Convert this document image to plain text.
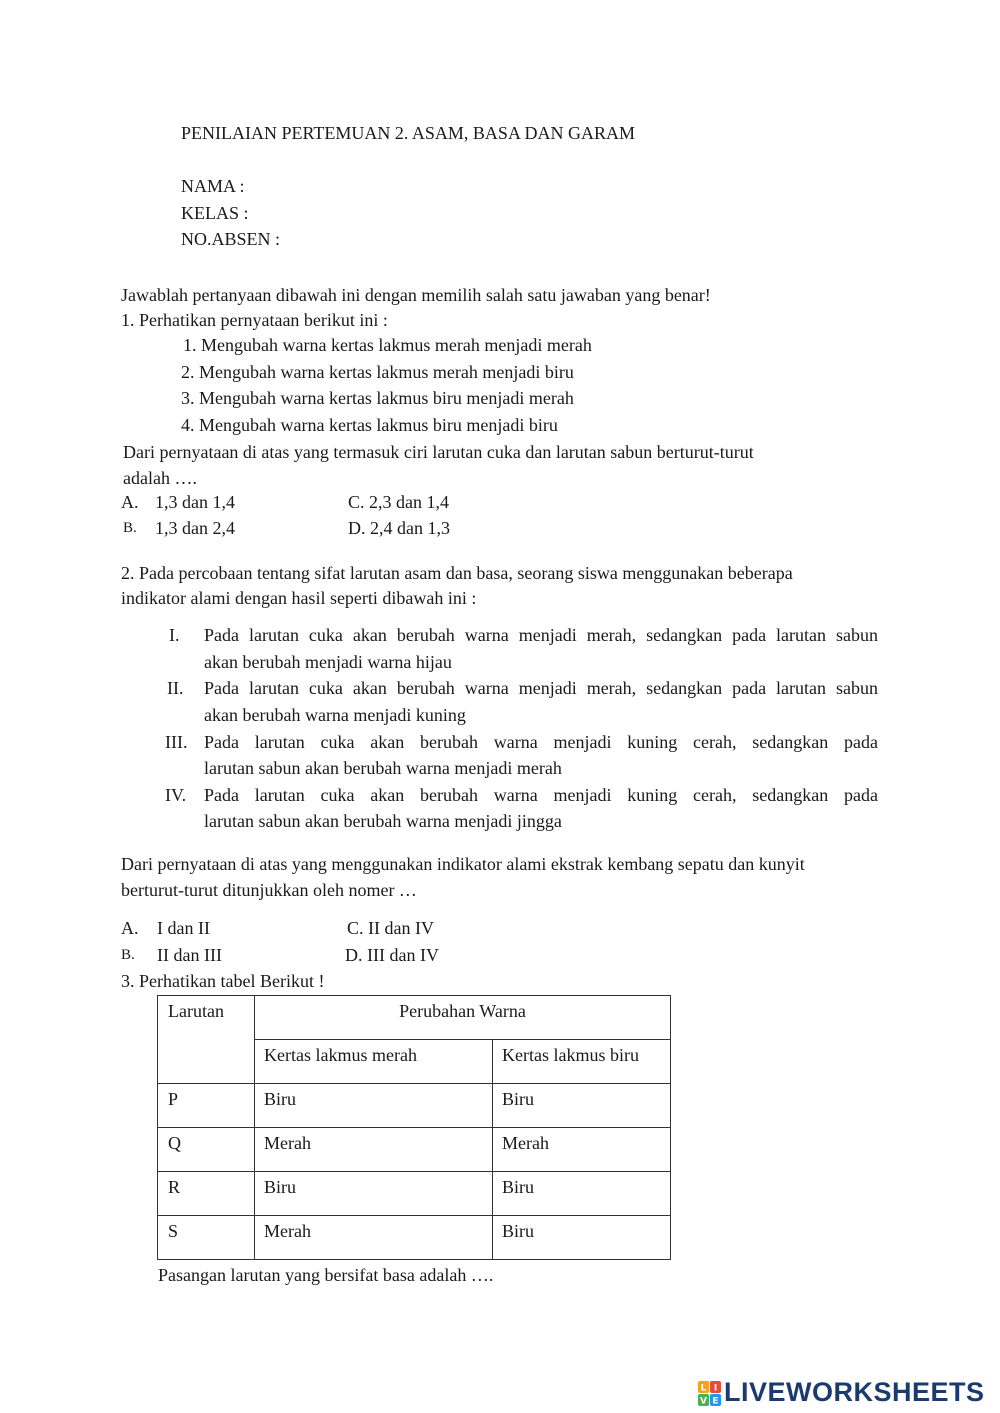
PENILAIAN PERTEMUAN 2. ASAM, BASA DAN GARAM
NAMA :
KELAS :
NO.ABSEN :
Jawablah pertanyaan dibawah ini dengan memilih salah satu jawaban yang benar!
1. Perhatikan pernyataan berikut ini :
1. Mengubah warna kertas lakmus merah menjadi merah
2. Mengubah warna kertas lakmus merah menjadi biru
3. Mengubah warna kertas lakmus biru menjadi merah
4. Mengubah warna kertas lakmus biru menjadi biru
Dari pernyataan di atas yang termasuk ciri larutan cuka dan larutan sabun berturut-turut
adalah ….
A. 1,3 dan 1,4	C. 2,3 dan 1,4
B. 1,3 dan 2,4	D. 2,4 dan 1,3
2. Pada percobaan tentang sifat larutan asam dan basa, seorang siswa menggunakan beberapa
indikator alami dengan hasil seperti dibawah ini :
I. Pada larutan cuka akan berubah warna menjadi merah, sedangkan pada larutan sabun
akan berubah menjadi warna hijau
II. Pada larutan cuka akan berubah warna menjadi merah, sedangkan pada larutan sabun
akan berubah warna menjadi kuning
III. Pada larutan cuka akan berubah warna menjadi kuning cerah, sedangkan pada
larutan sabun akan berubah warna menjadi merah
IV. Pada larutan cuka akan berubah warna menjadi kuning cerah, sedangkan pada
larutan sabun akan berubah warna menjadi jingga
Dari pernyataan di atas yang menggunakan indikator alami ekstrak kembang sepatu dan kunyit
berturut-turut ditunjukkan oleh nomer …
A. I dan II	C. II dan IV
B. II dan III	D. III dan IV
3. Perhatikan tabel Berikut !
Larutan	Perubahan Warna	
	Kertas lakmus merah	Kertas lakmus biru
P	Biru	Biru
Q	Merah	Merah
R	Biru	Biru
S	Merah	Biru
Pasangan larutan yang bersifat basa adalah ….
L I
V E LIVEWORKSHEETS
